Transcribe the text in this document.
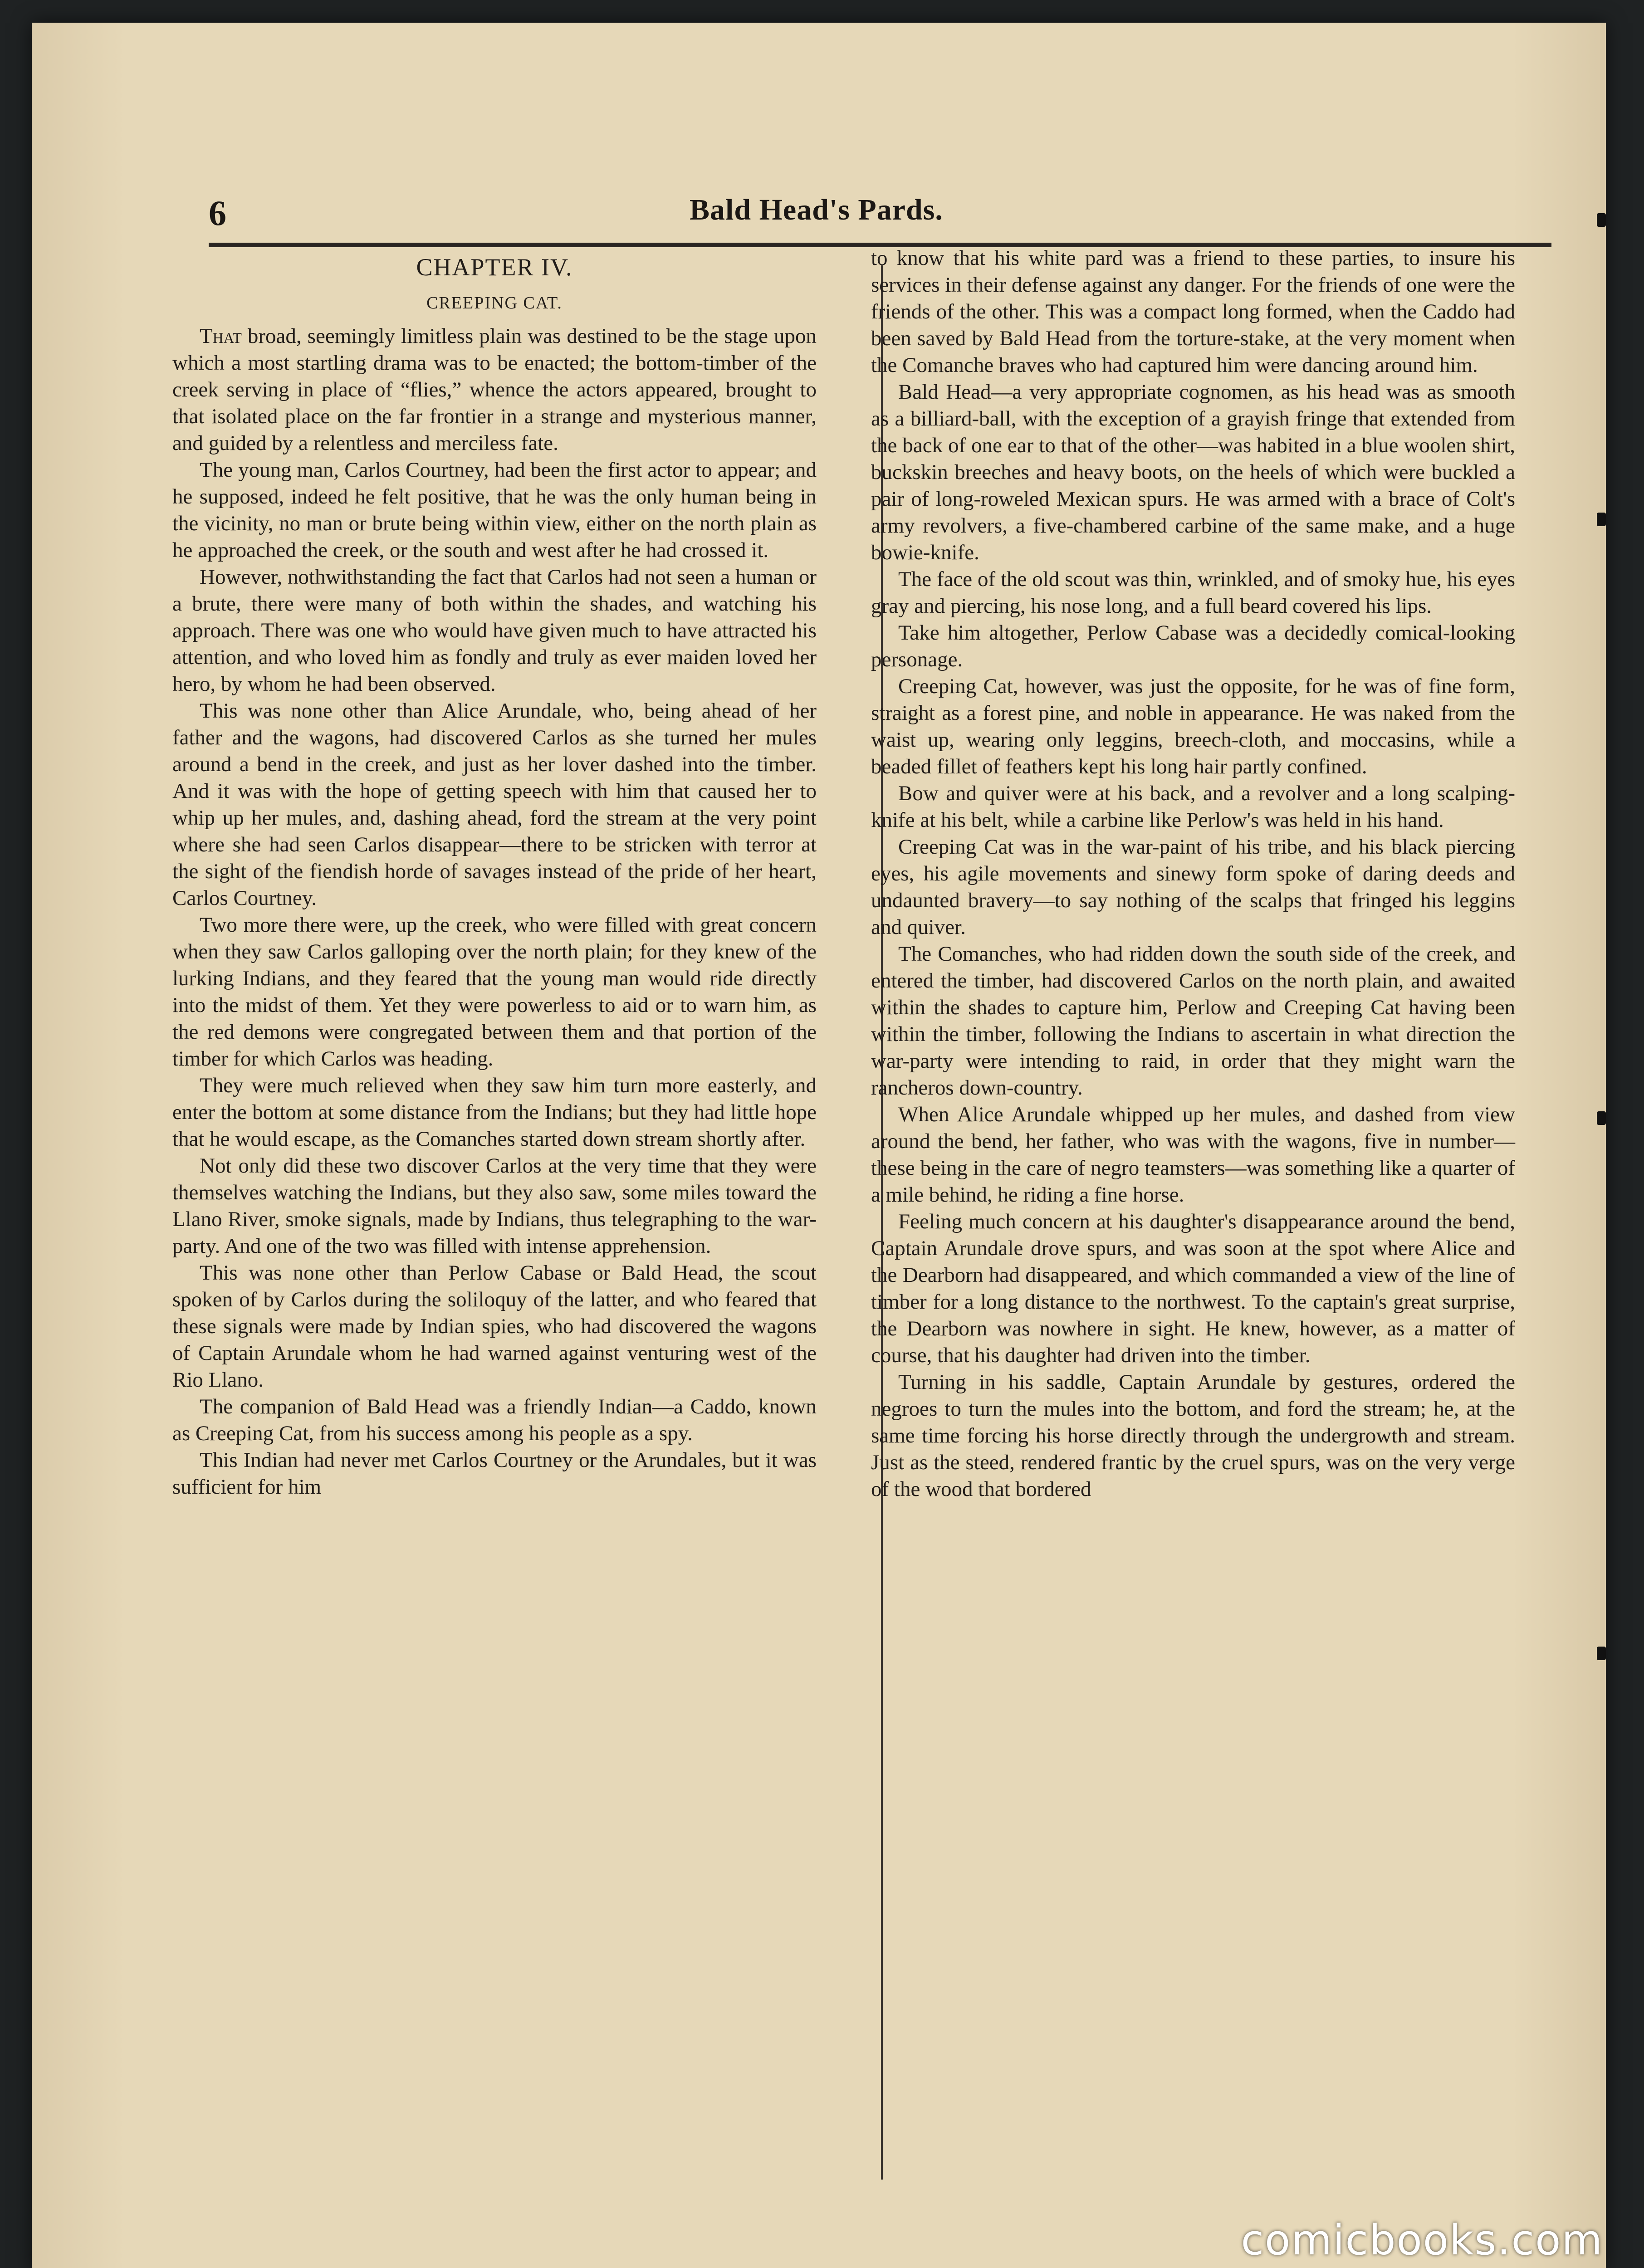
6	Bald Head's Pards.
CHAPTER IV.
CREEPING CAT.

That broad, seemingly limitless plain was destined to be the stage upon which a most startling drama was to be enacted; the bottom-timber of the creek serving in place of “flies,” whence the actors appeared, brought to that isolated place on the far frontier in a strange and mysterious manner, and guided by a relentless and merciless fate.

The young man, Carlos Courtney, had been the first actor to appear; and he supposed, indeed he felt positive, that he was the only human being in the vicinity, no man or brute being within view, either on the north plain as he approached the creek, or the south and west after he had crossed it.

However, nothwithstanding the fact that Carlos had not seen a human or a brute, there were many of both within the shades, and watching his approach. There was one who would have given much to have attracted his attention, and who loved him as fondly and truly as ever maiden loved her hero, by whom he had been observed.

This was none other than Alice Arundale, who, being ahead of her father and the wagons, had discovered Carlos as she turned her mules around a bend in the creek, and just as her lover dashed into the timber. And it was with the hope of getting speech with him that caused her to whip up her mules, and, dashing ahead, ford the stream at the very point where she had seen Carlos disappear—there to be stricken with terror at the sight of the fiendish horde of savages instead of the pride of her heart, Carlos Courtney.

Two more there were, up the creek, who were filled with great concern when they saw Carlos galloping over the north plain; for they knew of the lurking Indians, and they feared that the young man would ride directly into the midst of them. Yet they were powerless to aid or to warn him, as the red demons were congregated between them and that portion of the timber for which Carlos was heading.

They were much relieved when they saw him turn more easterly, and enter the bottom at some distance from the Indians; but they had little hope that he would escape, as the Comanches started down stream shortly after.

Not only did these two discover Carlos at the very time that they were themselves watching the Indians, but they also saw, some miles toward the Llano River, smoke signals, made by Indians, thus telegraphing to the war-party. And one of the two was filled with intense apprehension.

This was none other than Perlow Cabase or Bald Head, the scout spoken of by Carlos during the soliloquy of the latter, and who feared that these signals were made by Indian spies, who had discovered the wagons of Captain Arundale whom he had warned against venturing west of the Rio Llano.

The companion of Bald Head was a friendly Indian—a Caddo, known as Creeping Cat, from his success among his people as a spy.

This Indian had never met Carlos Courtney or the Arundales, but it was sufficient for him

to know that his white pard was a friend to these parties, to insure his services in their defense against any danger. For the friends of one were the friends of the other. This was a compact long formed, when the Caddo had been saved by Bald Head from the torture-stake, at the very moment when the Comanche braves who had captured him were dancing around him.

Bald Head—a very appropriate cognomen, as his head was as smooth as a billiard-ball, with the exception of a grayish fringe that extended from the back of one ear to that of the other—was habited in a blue woolen shirt, buckskin breeches and heavy boots, on the heels of which were buckled a pair of long-roweled Mexican spurs. He was armed with a brace of Colt's army revolvers, a five-chambered carbine of the same make, and a huge bowie-knife.

The face of the old scout was thin, wrinkled, and of smoky hue, his eyes gray and piercing, his nose long, and a full beard covered his lips.

Take him altogether, Perlow Cabase was a decidedly comical-looking personage.

Creeping Cat, however, was just the opposite, for he was of fine form, straight as a forest pine, and noble in appearance. He was naked from the waist up, wearing only leggins, breech-cloth, and moccasins, while a beaded fillet of feathers kept his long hair partly confined.

Bow and quiver were at his back, and a revolver and a long scalping-knife at his belt, while a carbine like Perlow's was held in his hand.

Creeping Cat was in the war-paint of his tribe, and his black piercing eyes, his agile movements and sinewy form spoke of daring deeds and undaunted bravery—to say nothing of the scalps that fringed his leggins and quiver.

The Comanches, who had ridden down the south side of the creek, and entered the timber, had discovered Carlos on the north plain, and awaited within the shades to capture him, Perlow and Creeping Cat having been within the timber, following the Indians to ascertain in what direction the war-party were intending to raid, in order that they might warn the rancheros down-country.

When Alice Arundale whipped up her mules, and dashed from view around the bend, her father, who was with the wagons, five in number—these being in the care of negro teamsters—was something like a quarter of a mile behind, he riding a fine horse.

Feeling much concern at his daughter's disappearance around the bend, Captain Arundale drove spurs, and was soon at the spot where Alice and the Dearborn had disappeared, and which commanded a view of the line of timber for a long distance to the northwest. To the captain's great surprise, the Dearborn was nowhere in sight. He knew, however, as a matter of course, that his daughter had driven into the timber.

Turning in his saddle, Captain Arundale by gestures, ordered the negroes to turn the mules into the bottom, and ford the stream; he, at the same time forcing his horse directly through the undergrowth and stream. Just as the steed, rendered frantic by the cruel spurs, was on the very verge of the wood that bordered

comicbooks.com
